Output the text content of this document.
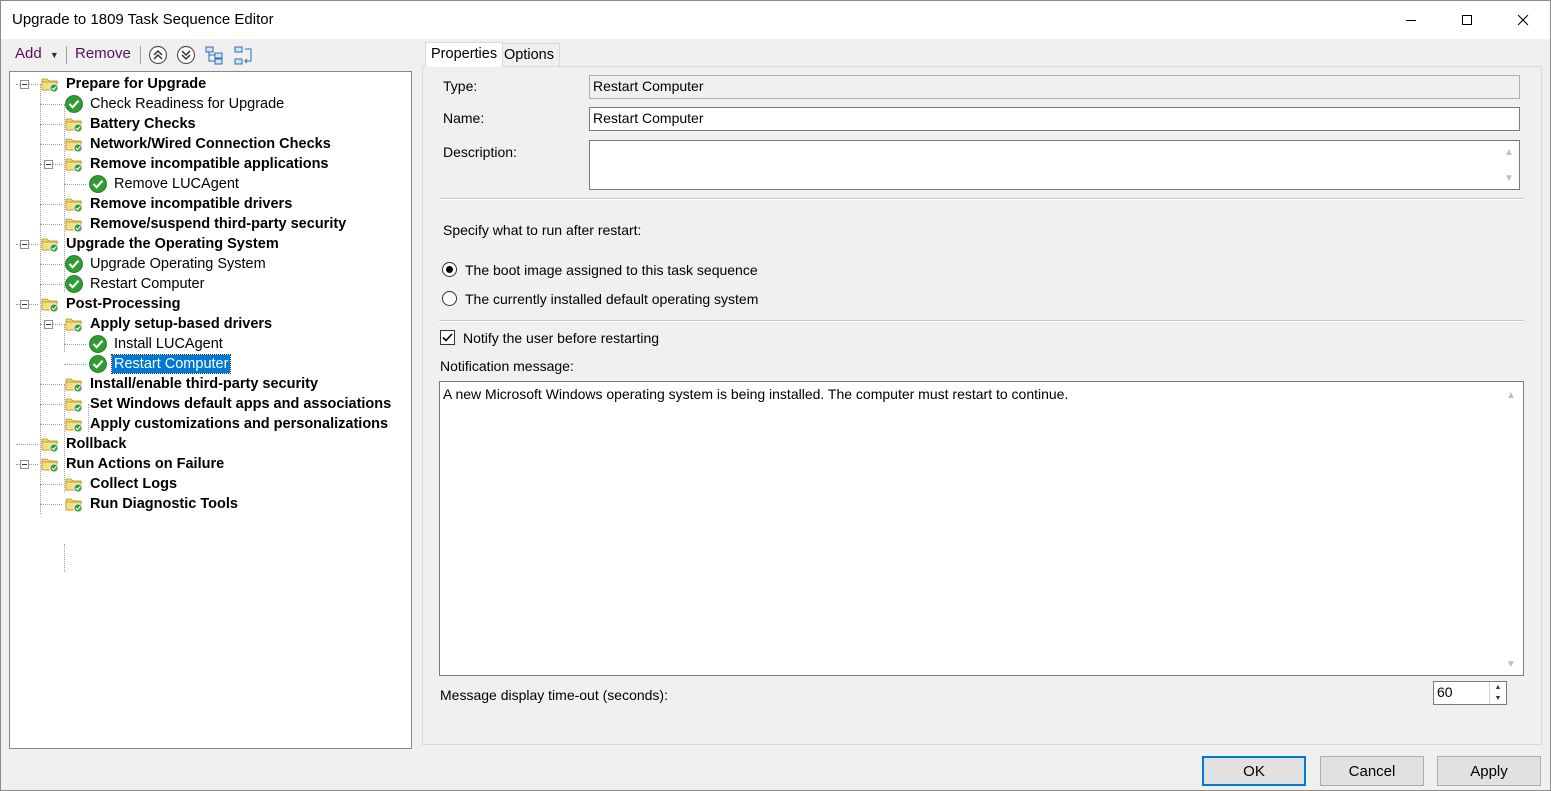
Upgrade to 1809 Task Sequence Editor
Add ▼ Remove
Prepare for Upgrade
Check Readiness for Upgrade
Battery Checks
Network/Wired Connection Checks
Remove incompatible applications
Remove LUCAgent
Remove incompatible drivers
Remove/suspend third-party security
Upgrade the Operating System
Upgrade Operating System
Restart Computer
Post-Processing
Apply setup-based drivers
Install LUCAgent
Restart Computer
Install/enable third-party security
Set Windows default apps and associations
Apply customizations and personalizations
Rollback
Run Actions on Failure
Collect Logs
Run Diagnostic Tools
Properties Options
Type:	Restart Computer
Name:	Restart Computer
Description:	▲
▼
Specify what to run after restart:
The boot image assigned to this task sequence
The currently installed default operating system
Notify the user before restarting
Notification message:
A new Microsoft Windows operating system is being installed. The computer must restart to continue.	▲
▼
Message display time-out (seconds):	60	▲
▼
OK	Cancel	Apply
